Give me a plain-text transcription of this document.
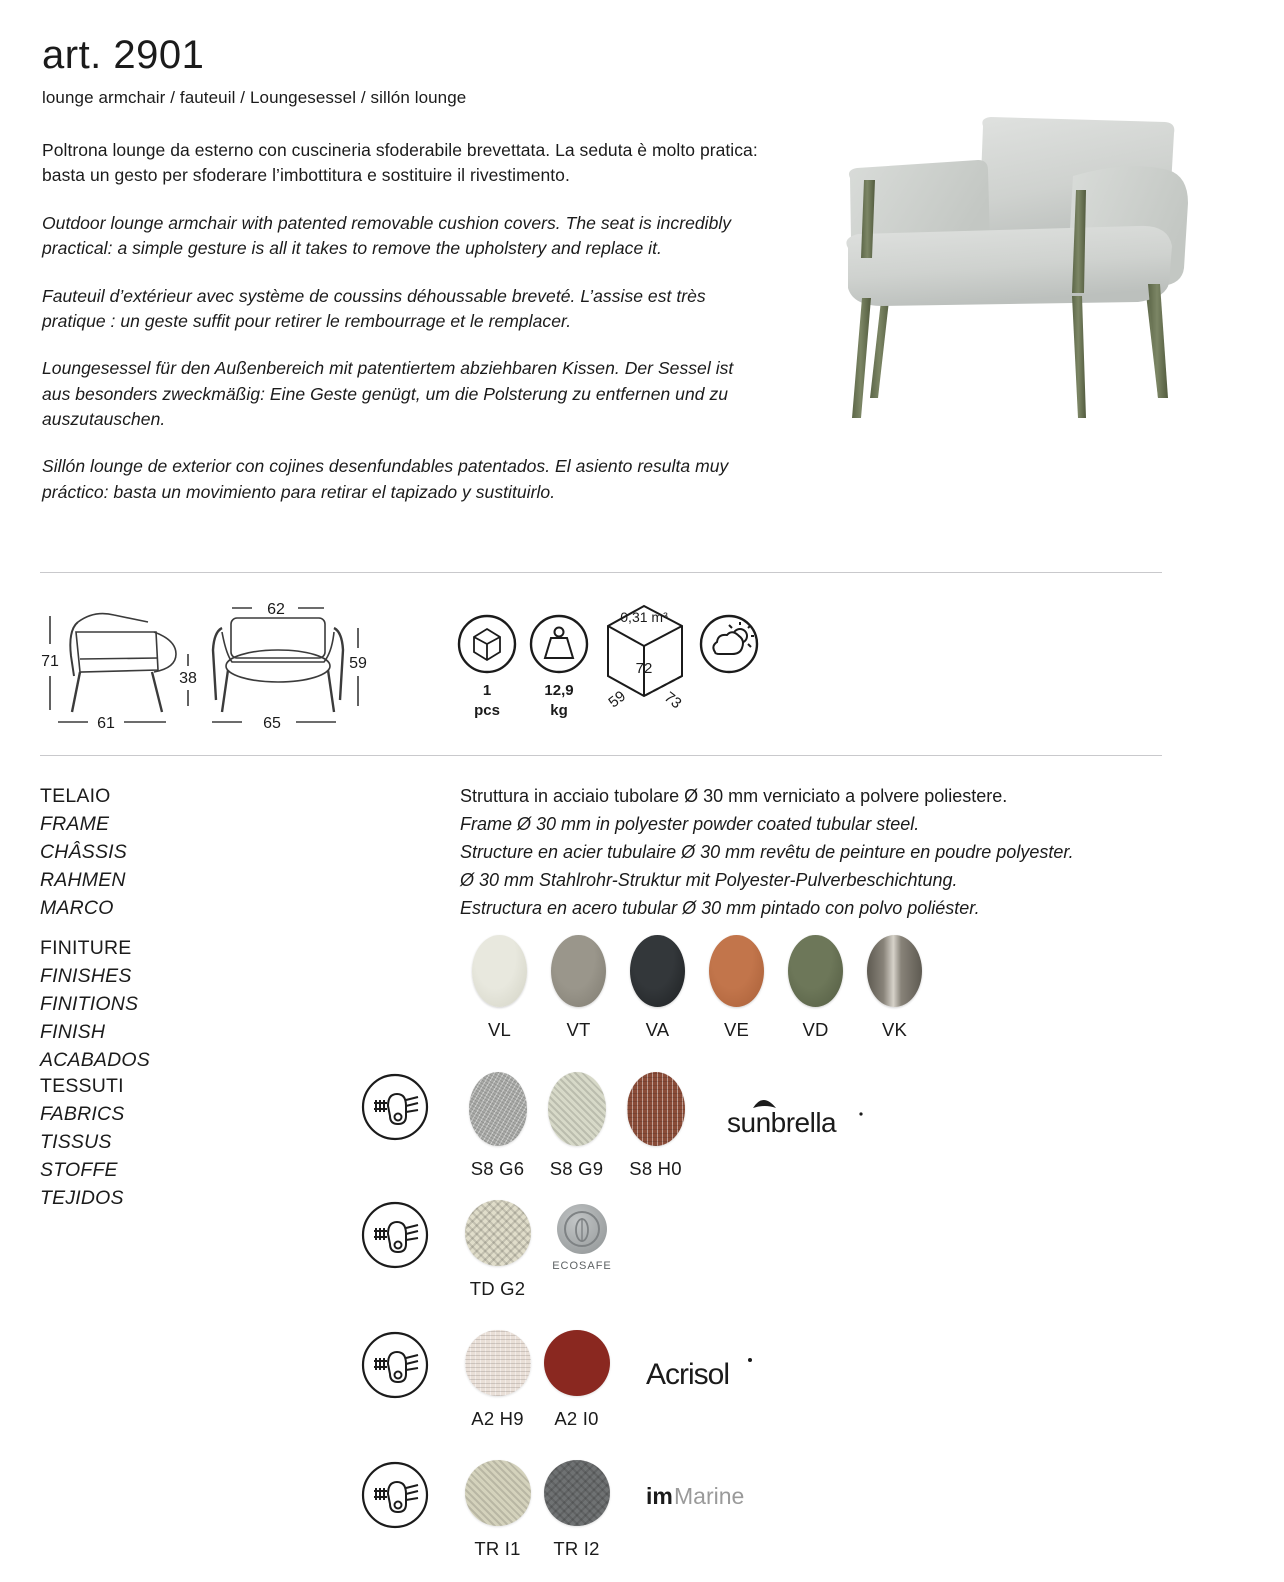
art. 2901
lounge armchair / fauteuil / Loungesessel / sillón lounge

Poltrona lounge da esterno con cuscineria sfoderabile brevettata. La seduta è molto pratica: basta un gesto per sfoderare l’imbottitura e sostituire il rivestimento.

Outdoor lounge armchair with patented removable cushion covers. The seat is incredibly practical: a simple gesture is all it takes to remove the upholstery and replace it.

Fauteuil d’extérieur avec système de coussins déhoussable breveté. L’assise est très pratique : un geste suffit pour retirer le rembourrage et le remplacer.

Loungesessel für den Außenbereich mit patentiertem abziehbaren Kissen. Der Sessel ist aus besonders zweckmäßig: Eine Geste genügt, um die Polsterung zu entfernen und zu auszutauschen.

Sillón lounge de exterior con cojines desenfundables patentados. El asiento resulta muy práctico: basta un movimiento para retirar el tapizado y sustituirlo.

71
38
61
62
59
65
1
pcs
12,9
kg
0,31 m³
72
59 73
TELAIO
FRAME
CHÂSSIS
RAHMEN
MARCO
Struttura in acciaio tubolare Ø 30 mm verniciato a polvere poliestere.
Frame Ø 30 mm in polyester powder coated tubular steel.
Structure en acier tubulaire Ø 30 mm revêtu de peinture en poudre polyester.
Ø 30 mm Stahlrohr-Struktur mit Polyester-Pulverbeschichtung.
Estructura en acero tubular Ø 30 mm pintado con polvo poliéster.
FINITURE
FINISHES
FINITIONS
FINISH
ACABADOS
VL	VT	VA	VE	VD	VK
TESSUTI
FABRICS
TISSUS
STOFFE
TEJIDOS
S8 G6	S8 G9	S8 H0
sunbrella
TD G2
ECOSAFE
A2 H9	A2 I0
Acrisol
TR I1	TR I2
im Marine
